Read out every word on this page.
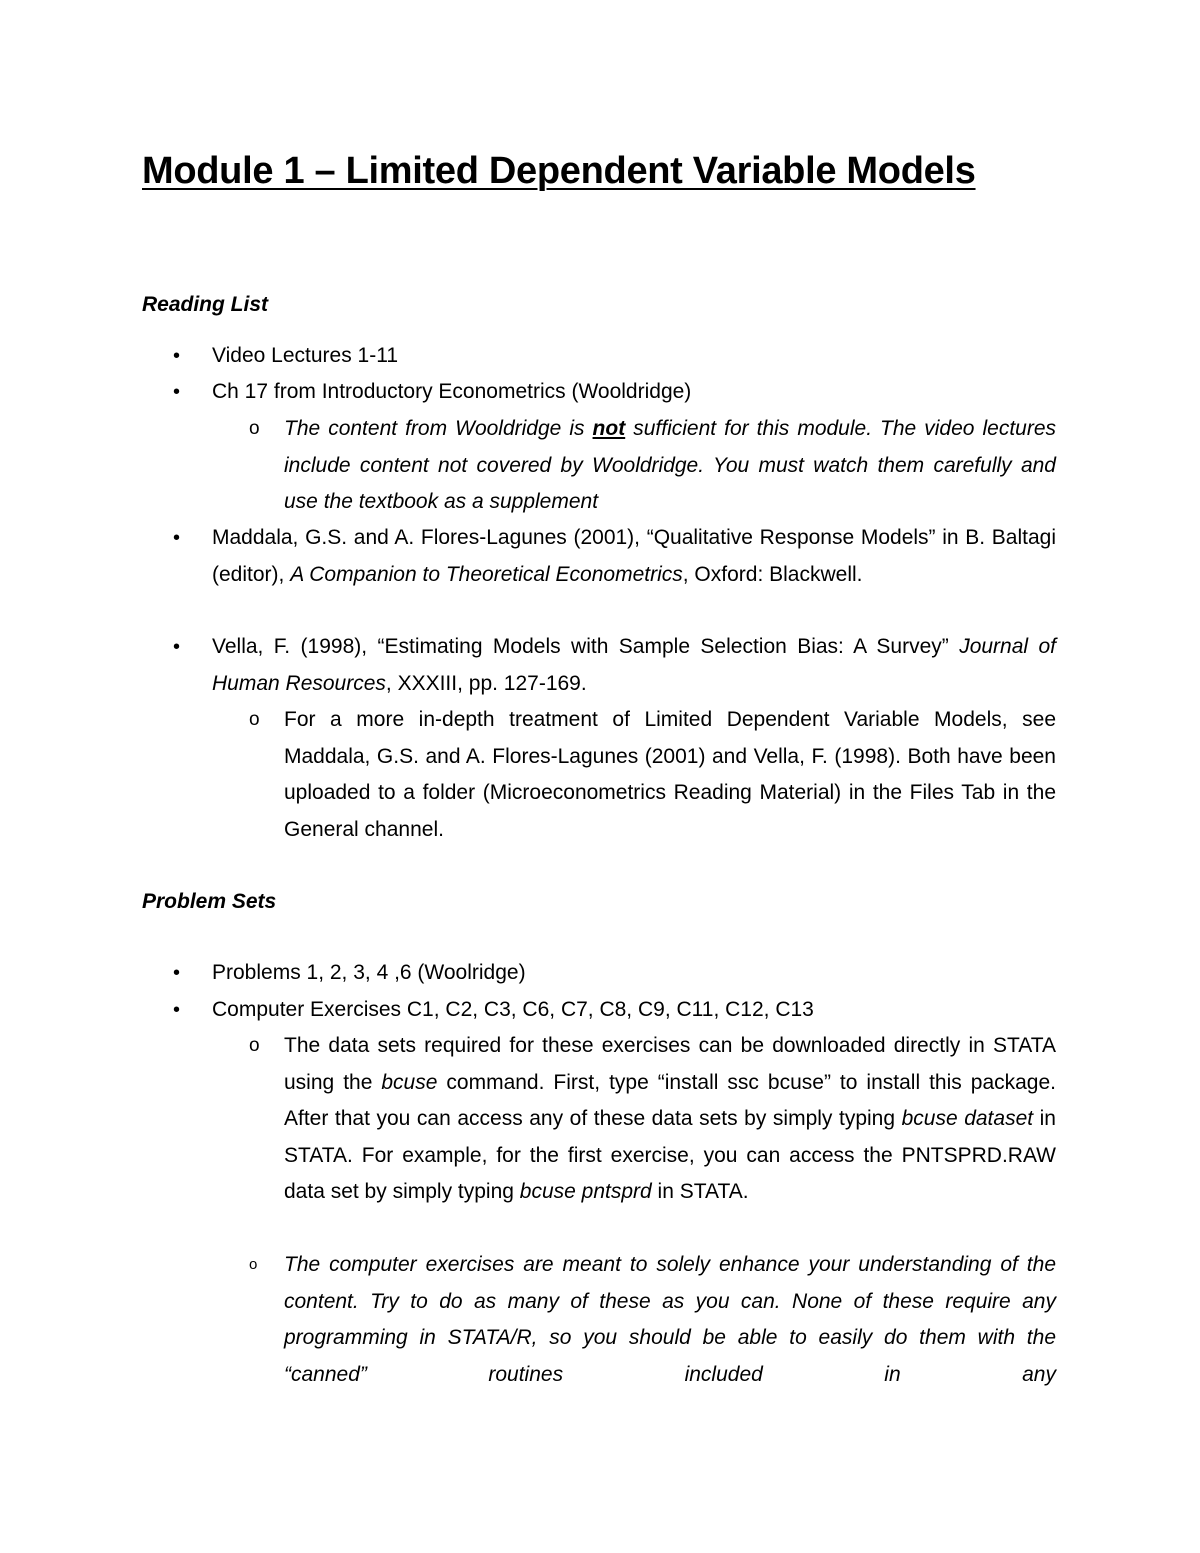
Module 1 – Limited Dependent Variable Models
Reading List
• Video Lectures 1-11
• Ch 17 from Introductory Econometrics (Wooldridge)
o The content from Wooldridge is not sufficient for this module. The video lectures include content not covered by Wooldridge. You must watch them carefully and use the textbook as a supplement
• Maddala, G.S. and A. Flores-Lagunes (2001), “Qualitative Response Models” in B. Baltagi (editor), A Companion to Theoretical Econometrics, Oxford: Blackwell.
• Vella, F. (1998), “Estimating Models with Sample Selection Bias: A Survey” Journal of Human Resources, XXXIII, pp. 127-169.
o For a more in-depth treatment of Limited Dependent Variable Models, see Maddala, G.S. and A. Flores-Lagunes (2001) and Vella, F. (1998). Both have been uploaded to a folder (Microeconometrics Reading Material) in the Files Tab in the General channel.
Problem Sets
• Problems 1, 2, 3, 4 ,6 (Woolridge)
• Computer Exercises C1, C2, C3, C6, C7, C8, C9, C11, C12, C13
o The data sets required for these exercises can be downloaded directly in STATA using the bcuse command. First, type “install ssc bcuse” to install this package. After that you can access any of these data sets by simply typing bcuse dataset in STATA. For example, for the first exercise, you can access the PNTSPRD.RAW data set by simply typing bcuse pntsprd in STATA.
o The computer exercises are meant to solely enhance your understanding of the content. Try to do as many of these as you can. None of these require any programming in STATA/R, so you should be able to easily do them with the “canned” routines included in any
